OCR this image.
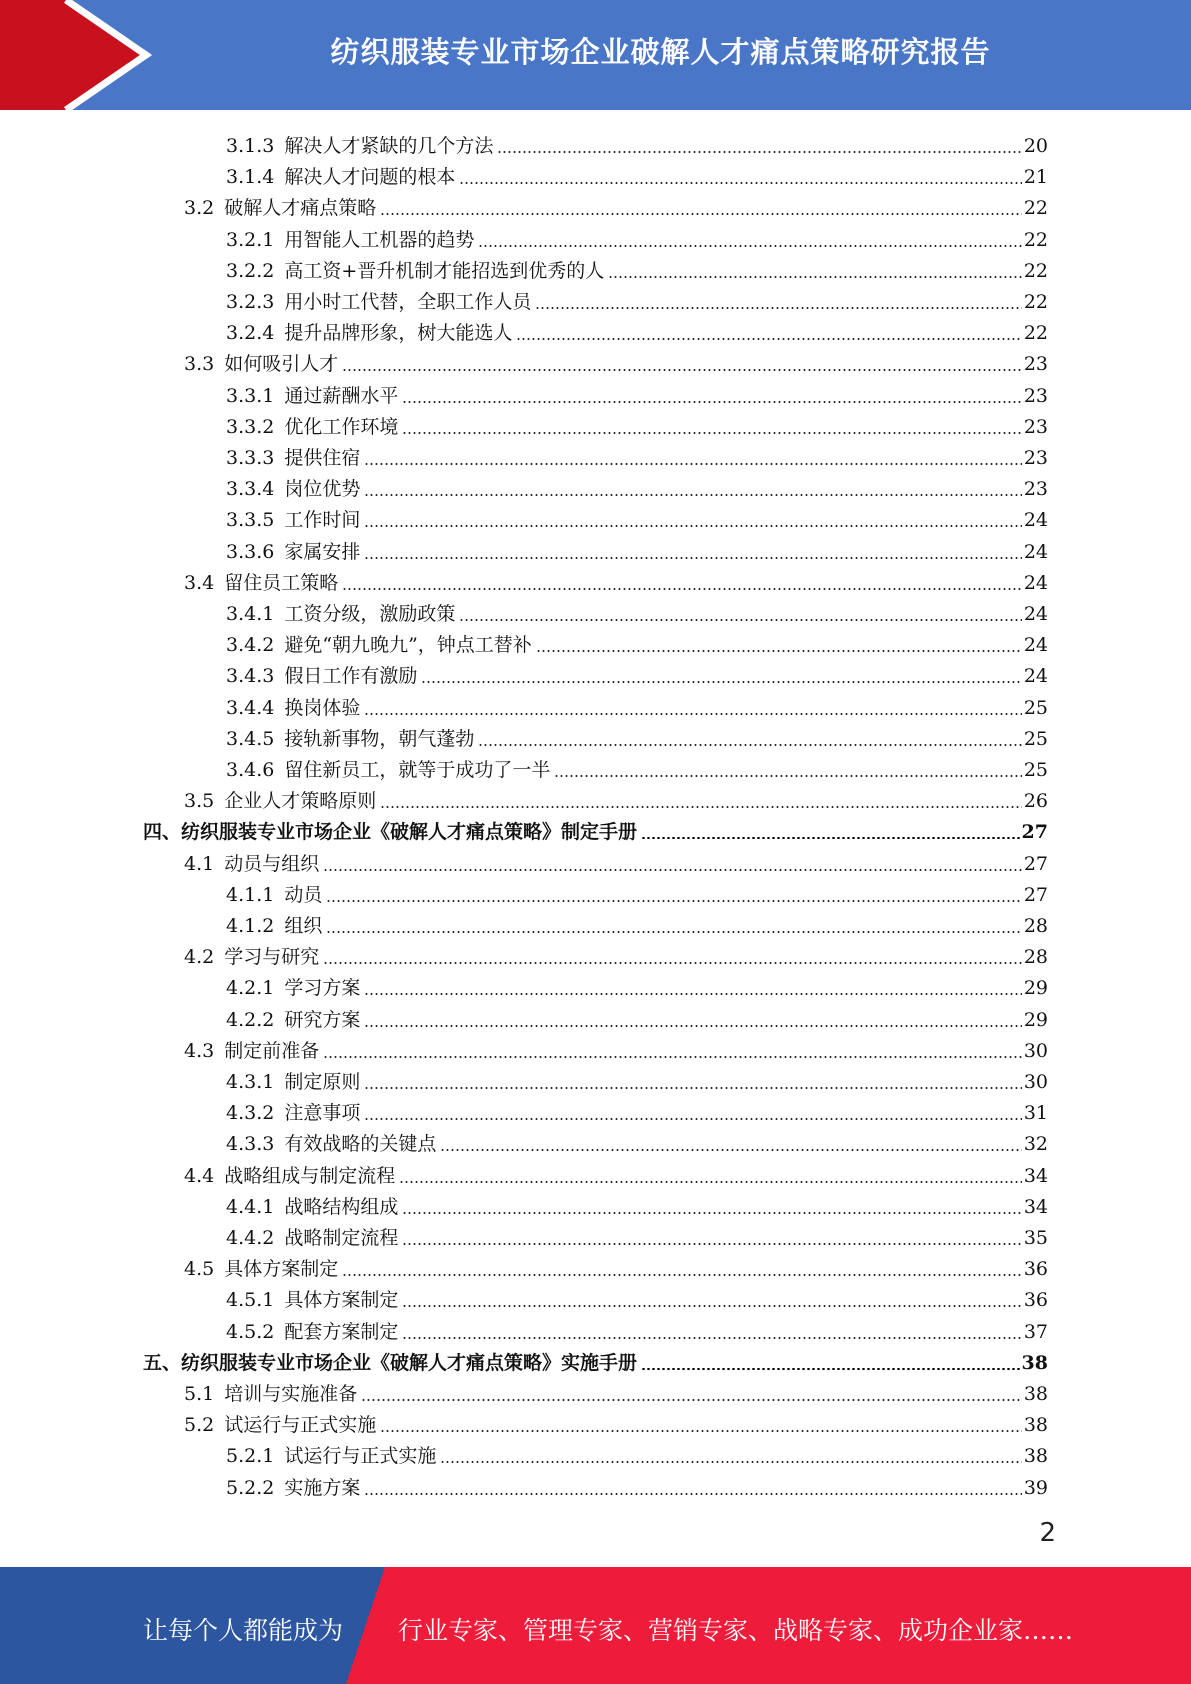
纺织服装专业市场企业破解人才痛点策略研究报告
3.1.3 解决人才紧缺的几个方法	20
3.1.4 解决人才问题的根本	21
3.2 破解人才痛点策略	22
3.2.1 用智能人工机器的趋势	22
3.2.2 高工资+晋升机制才能招选到优秀的人	22
3.2.3 用小时工代替，全职工作人员	22
3.2.4 提升品牌形象，树大能选人	22
3.3 如何吸引人才	23
3.3.1 通过薪酬水平	23
3.3.2 优化工作环境	23
3.3.3 提供住宿	23
3.3.4 岗位优势	23
3.3.5 工作时间	24
3.3.6 家属安排	24
3.4 留住员工策略	24
3.4.1 工资分级，激励政策	24
3.4.2 避免“朝九晚九”，钟点工替补	24
3.4.3 假日工作有激励	24
3.4.4 换岗体验	25
3.4.5 接轨新事物，朝气蓬勃	25
3.4.6 留住新员工，就等于成功了一半	25
3.5 企业人才策略原则	26
四、纺织服装专业市场企业《破解人才痛点策略》制定手册	27
4.1 动员与组织	27
4.1.1 动员	27
4.1.2 组织	28
4.2 学习与研究	28
4.2.1 学习方案	29
4.2.2 研究方案	29
4.3 制定前准备	30
4.3.1 制定原则	30
4.3.2 注意事项	31
4.3.3 有效战略的关键点	32
4.4 战略组成与制定流程	34
4.4.1 战略结构组成	34
4.4.2 战略制定流程	35
4.5 具体方案制定	36
4.5.1 具体方案制定	36
4.5.2 配套方案制定	37
五、纺织服装专业市场企业《破解人才痛点策略》实施手册	38
5.1 培训与实施准备	38
5.2 试运行与正式实施	38
5.2.1 试运行与正式实施	38
5.2.2 实施方案	39
2
让每个人都能成为 行业专家、管理专家、营销专家、战略专家、成功企业家……
